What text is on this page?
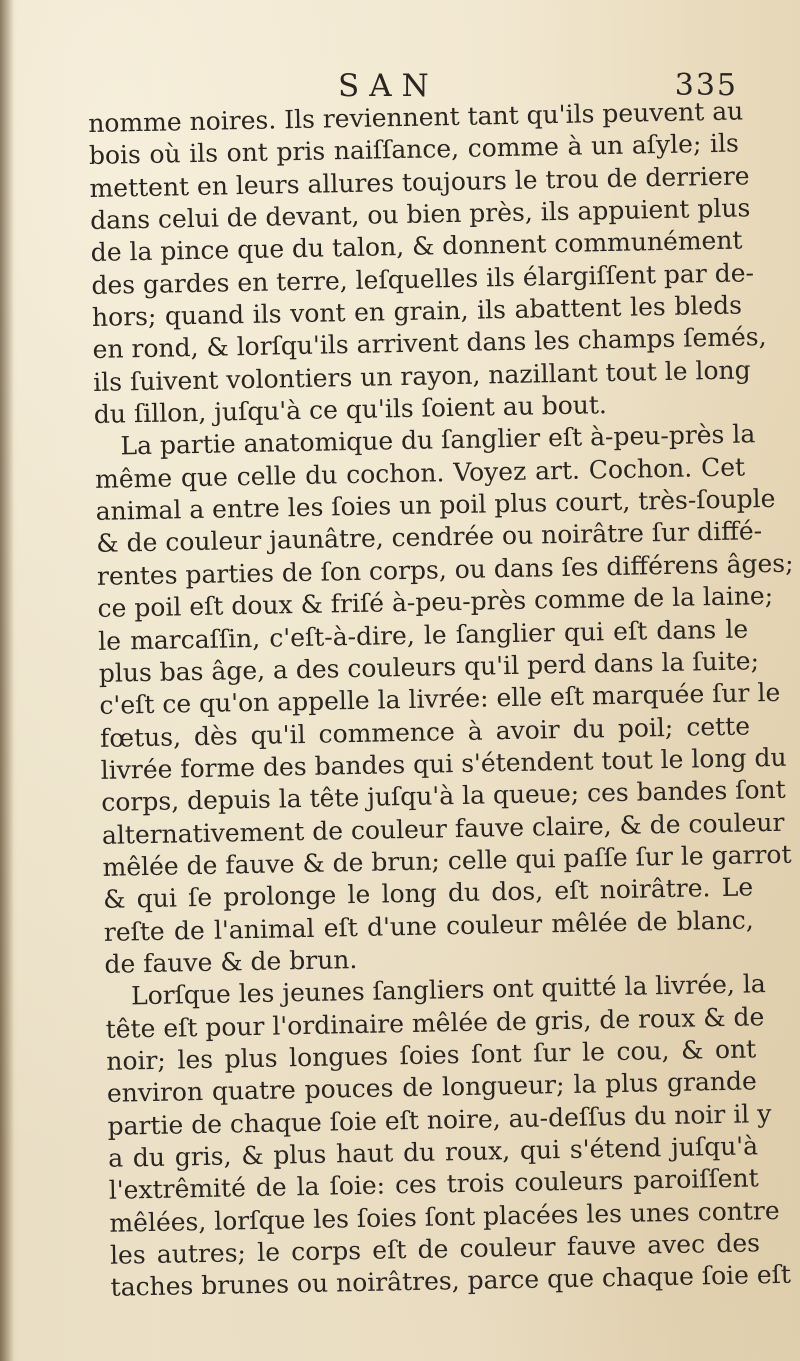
SAN	335
nomme noires. Ils reviennent tant qu'ils peuvent au
bois où ils ont pris naiſſance, comme à un aſyle; ils
mettent en leurs allures toujours le trou de derriere
dans celui de devant, ou bien près, ils appuient plus
de la pince que du talon, & donnent communément
des gardes en terre, leſquelles ils élargiſſent par de-
hors; quand ils vont en grain, ils abattent les bleds
en rond, & lorſqu'ils arrivent dans les champs ſemés,
ils ſuivent volontiers un rayon, nazillant tout le long
du ſillon, juſqu'à ce qu'ils ſoient au bout.
La partie anatomique du ſanglier eſt à-peu-près la
même que celle du cochon. Voyez art. Cochon. Cet
animal a entre les ſoies un poil plus court, très-ſouple
& de couleur jaunâtre, cendrée ou noirâtre ſur diffé-
rentes parties de ſon corps, ou dans ſes différens âges;
ce poil eſt doux & friſé à-peu-près comme de la laine;
le marcaſſin, c'eſt-à-dire, le ſanglier qui eſt dans le
plus bas âge, a des couleurs qu'il perd dans la ſuite;
c'eſt ce qu'on appelle la livrée: elle eſt marquée ſur le
fœtus, dès qu'il commence à avoir du poil; cette
livrée forme des bandes qui s'étendent tout le long du
corps, depuis la tête juſqu'à la queue; ces bandes ſont
alternativement de couleur fauve claire, & de couleur
mêlée de fauve & de brun; celle qui paſſe ſur le garrot
& qui ſe prolonge le long du dos, eſt noirâtre. Le
reſte de l'animal eſt d'une couleur mêlée de blanc,
de fauve & de brun.
Lorſque les jeunes ſangliers ont quitté la livrée, la
tête eſt pour l'ordinaire mêlée de gris, de roux & de
noir; les plus longues ſoies ſont ſur le cou, & ont
environ quatre pouces de longueur; la plus grande
partie de chaque ſoie eſt noire, au-deſſus du noir il y
a du gris, & plus haut du roux, qui s'étend juſqu'à
l'extrêmité de la ſoie: ces trois couleurs paroiſſent
mêlées, lorſque les ſoies ſont placées les unes contre
les autres; le corps eſt de couleur fauve avec des
taches brunes ou noirâtres, parce que chaque ſoie eſt
